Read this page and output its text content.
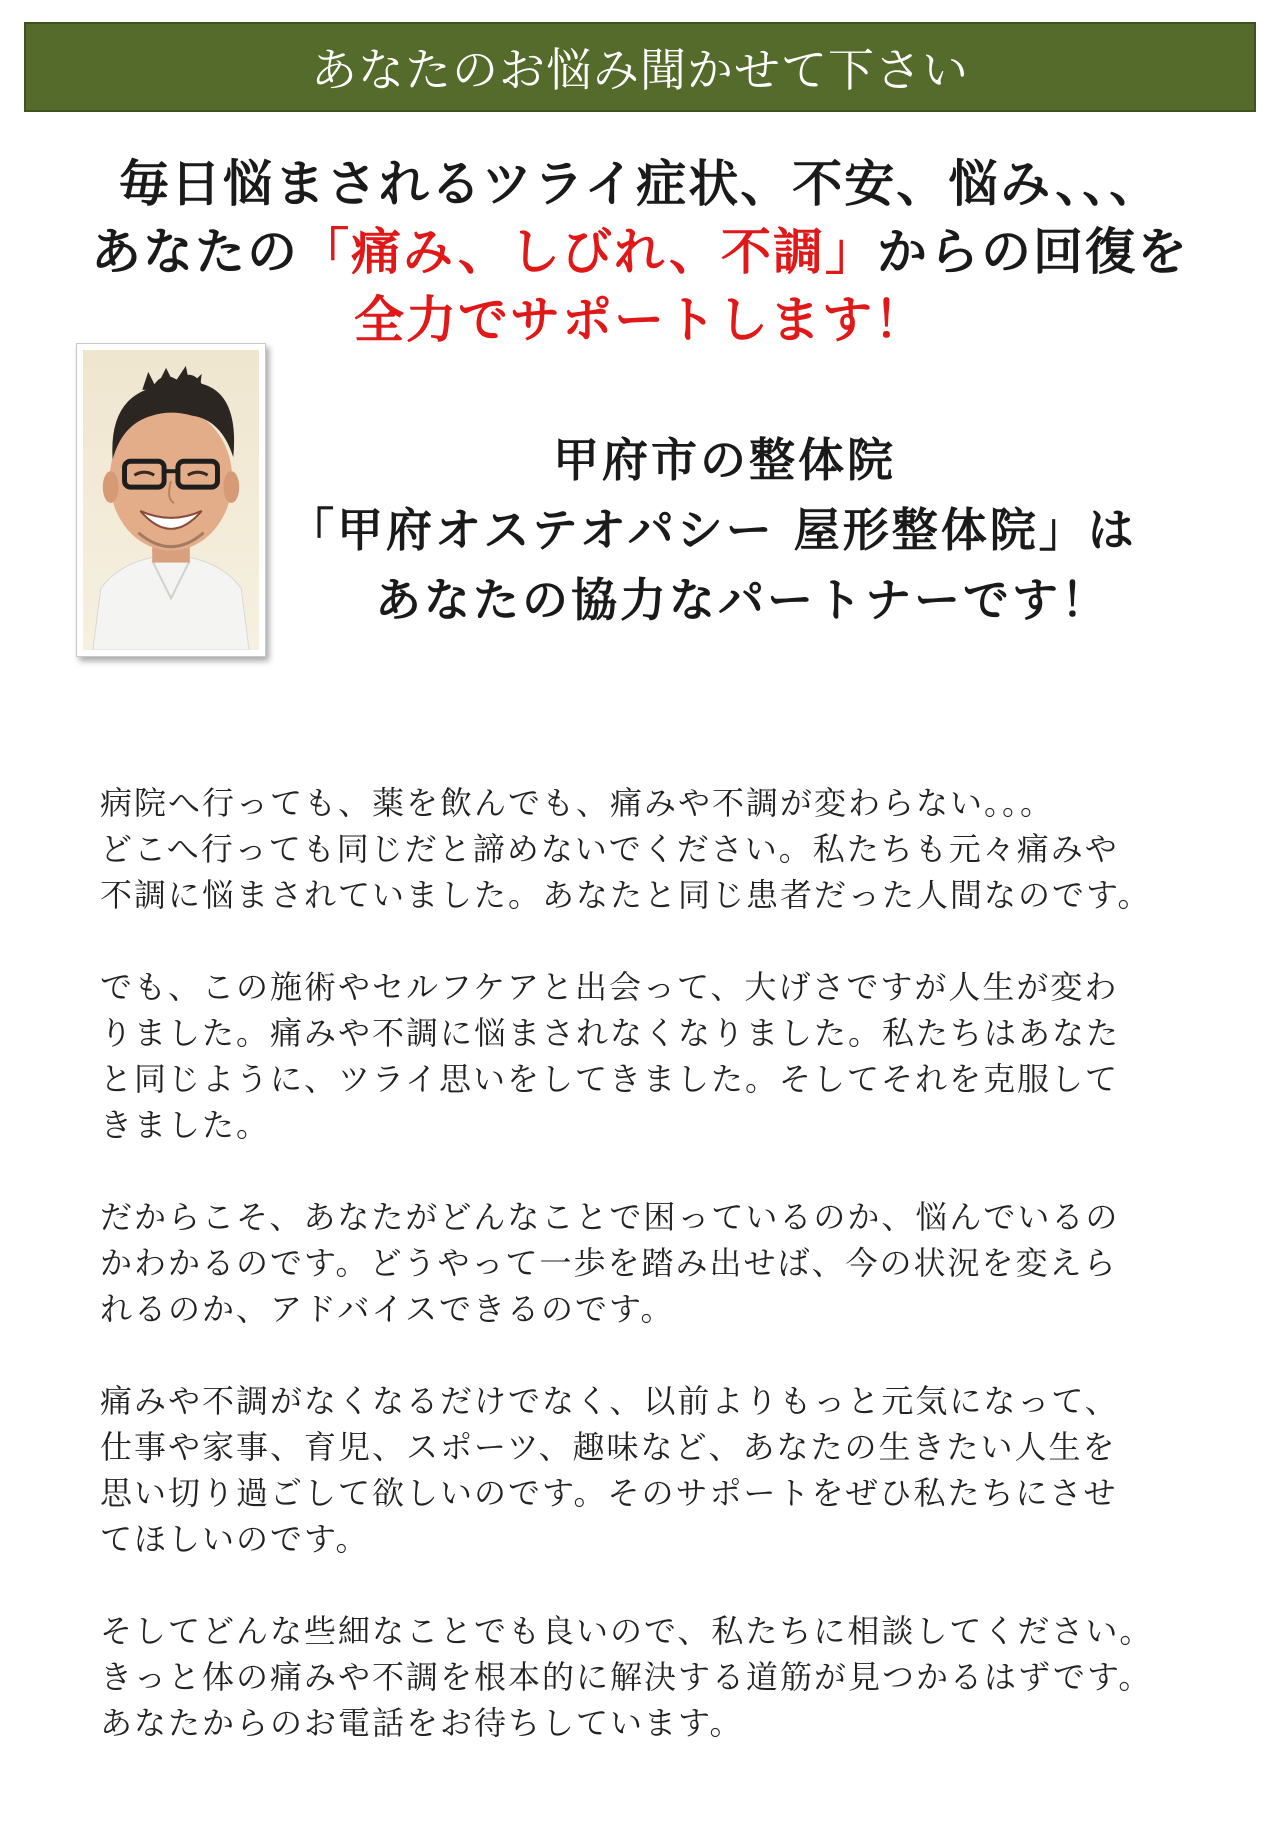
あなたのお悩み聞かせて下さい
毎日悩まされるツライ症状、不安、悩み、、、
あなたの「痛み、しびれ、不調」からの回復を
全力でサポートします！
甲府市の整体院
「甲府オステオパシー 屋形整体院」は
あなたの協力なパートナーです！

病院へ行っても、薬を飲んでも、痛みや不調が変わらない。。。
どこへ行っても同じだと諦めないでください。私たちも元々痛みや
不調に悩まされていました。あなたと同じ患者だった人間なのです。

でも、この施術やセルフケアと出会って、大げさですが人生が変わ
りました。痛みや不調に悩まされなくなりました。私たちはあなた
と同じように、ツライ思いをしてきました。そしてそれを克服して
きました。

だからこそ、あなたがどんなことで困っているのか、悩んでいるの
かわかるのです。どうやって一歩を踏み出せば、今の状況を変えら
れるのか、アドバイスできるのです。

痛みや不調がなくなるだけでなく、以前よりもっと元気になって、
仕事や家事、育児、スポーツ、趣味など、あなたの生きたい人生を
思い切り過ごして欲しいのです。そのサポートをぜひ私たちにさせ
てほしいのです。

そしてどんな些細なことでも良いので、私たちに相談してください。
きっと体の痛みや不調を根本的に解決する道筋が見つかるはずです。
あなたからのお電話をお待ちしています。
